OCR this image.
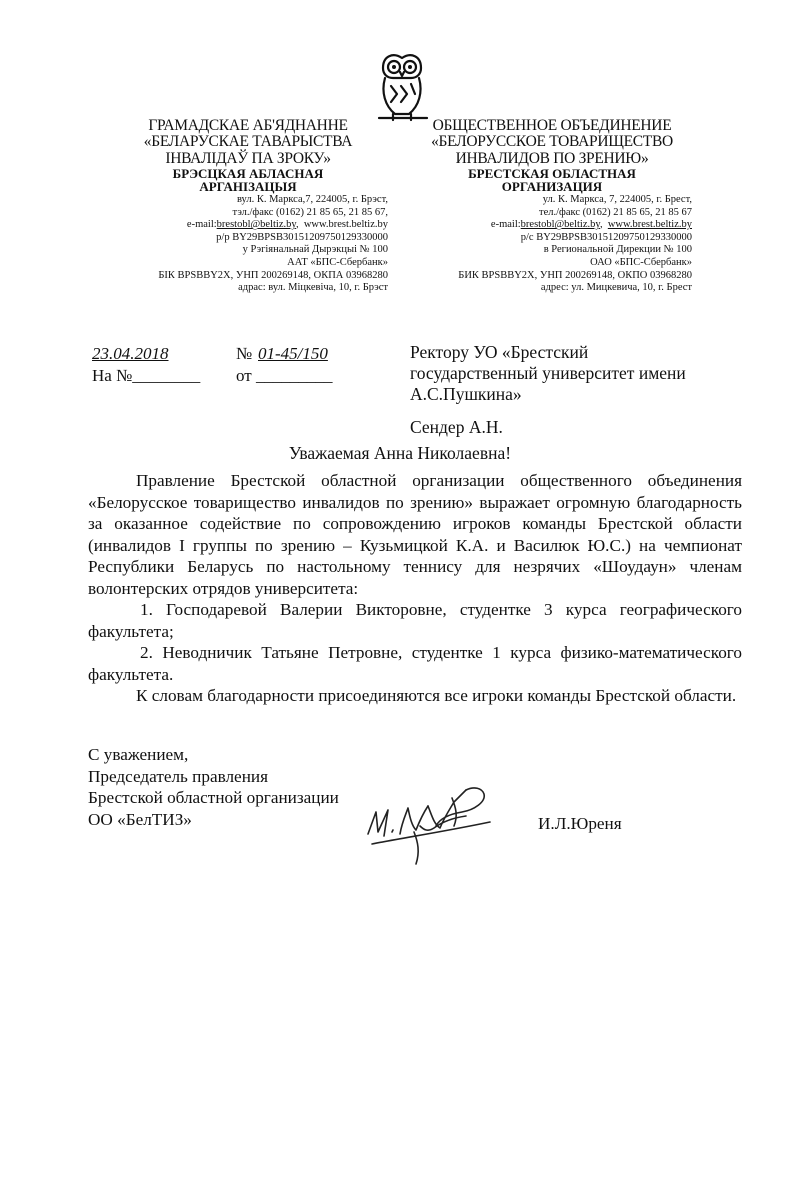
ГРАМАДСКАЕ АБ'ЯДНАННЕ
«БЕЛАРУСКАЕ ТАВАРЫСТВА
ІНВАЛІДАЎ ПА ЗРОКУ»
БРЭСЦКАЯ АБЛАСНАЯ
АРГАНІЗАЦЫЯ
вул. К. Маркса,7, 224005, г. Брэст,
тэл./факс (0162) 21 85 65, 21 85 67,
e-mail:brestobl@beltiz.by,  www.brest.beltiz.by
р/р BY29BPSB30151209750129330000
у Рэгіянальнай Дырэкцыі № 100
ААТ «БПС-Сбербанк»
БІК BPSBBY2X, УНП 200269148, ОКПА 03968280
адрас: вул. Міцкевіча, 10, г. Брэст
ОБЩЕСТВЕННОЕ ОБЪЕДИНЕНИЕ
«БЕЛОРУССКОЕ ТОВАРИЩЕСТВО
ИНВАЛИДОВ ПО ЗРЕНИЮ»
БРЕСТСКАЯ ОБЛАСТНАЯ
ОРГАНИЗАЦИЯ
ул. К. Маркса, 7, 224005, г. Брест,
тел./факс (0162) 21 85 65, 21 85 67
e-mail:brestobl@beltiz.by,  www.brest.beltiz.by
р/с BY29BPSB30151209750129330000
в Региональной Дирекции № 100
ОАО «БПС-Сбербанк»
БИК BPSBBY2X, УНП 200269148, ОКПО 03968280
адрес: ул. Мицкевича, 10, г. Брест
23.04.2018	№ 01-45/150
На №________ от _________
Ректору УО «Брестский
государственный университет имени
А.С.Пушкина»
Сендер А.Н.
Уважаемая Анна Николаевна!

Правление Брестской областной организации общественного объединения «Белорусское товарищество инвалидов по зрению» выражает огромную благодарность за оказанное содействие по сопровождению игроков команды Брестской области (инвалидов I группы по зрению – Кузьмицкой К.А. и Василюк Ю.С.) на чемпионат Республики Беларусь по настольному теннису для незрячих «Шоудаун» членам волонтерских отрядов университета:

1. Господаревой Валерии Викторовне, студентке 3 курса географического факультета;

2. Неводничик Татьяне Петровне, студентке 1 курса физико-математического факультета.

К словам благодарности присоединяются все игроки команды Брестской области.

С уважением,
Председатель правления
Брестской областной организации
ОО «БелТИЗ»	И.Л.Юреня
